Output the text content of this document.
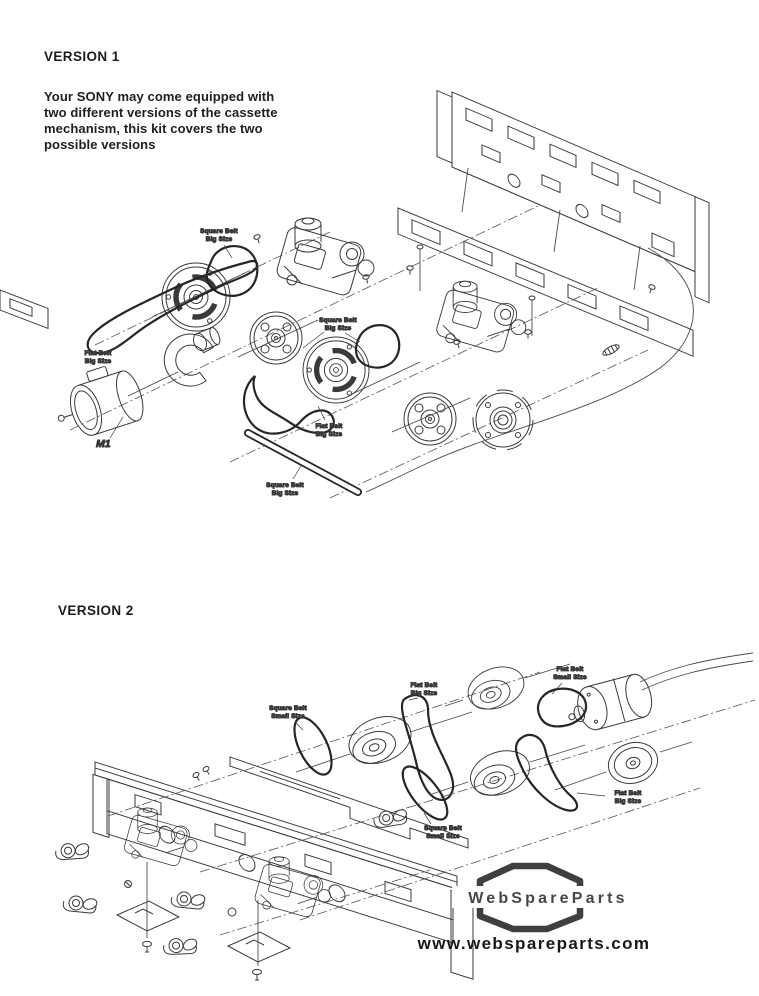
VERSION 1
Your SONY may come equipped with
two different versions of the cassette
mechanism, this kit covers the two
possible versions
Square Belt
Big Size
Flat Belt
Big Size
Square Belt
Big Size
Flat Belt
Big Size
Square Belt
Big Size
M1
VERSION 2
Square Belt
Small Size
Flat Belt
Big Size
Flat Belt
Small Size
Flat Belt
Big Size
Square Belt
Small Size
WebSpareParts
www.webspareparts.com
